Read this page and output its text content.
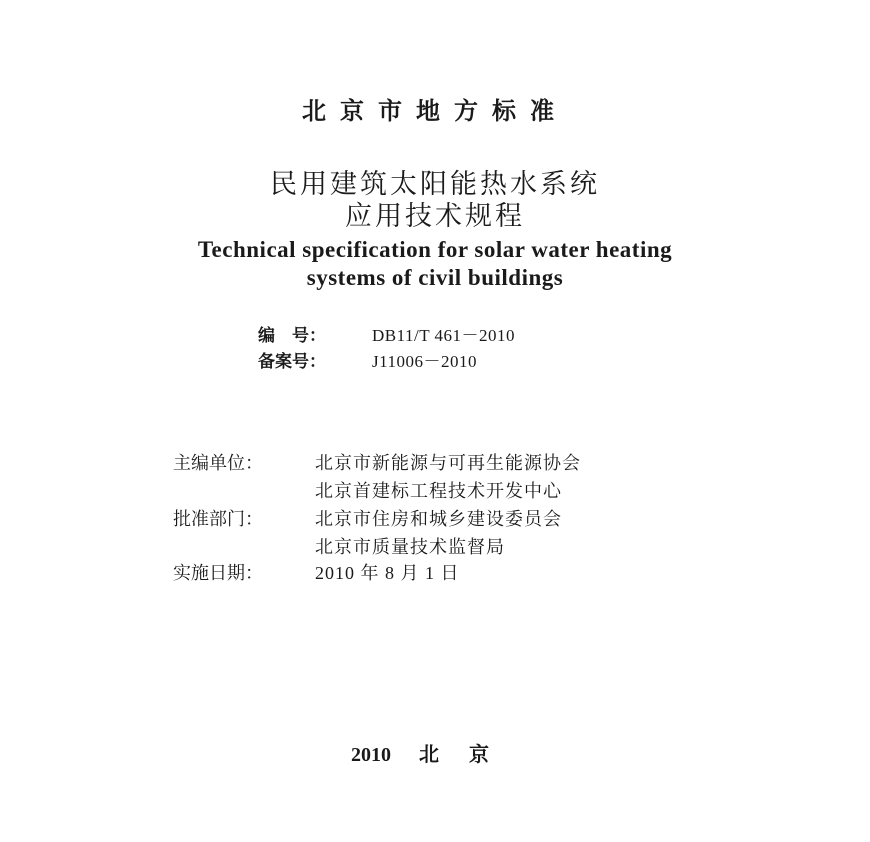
北京市地方标准
民用建筑太阳能热水系统
应用技术规程
Technical specification for solar water heating
systems of civil buildings
编　号：	DB11/T 461－2010
备案号：	J11006－2010
主编单位：	北京市新能源与可再生能源协会
北京首建标工程技术开发中心
批准部门：	北京市住房和城乡建设委员会
北京市质量技术监督局
实施日期：	2010 年 8 月 1 日
2010 北京
